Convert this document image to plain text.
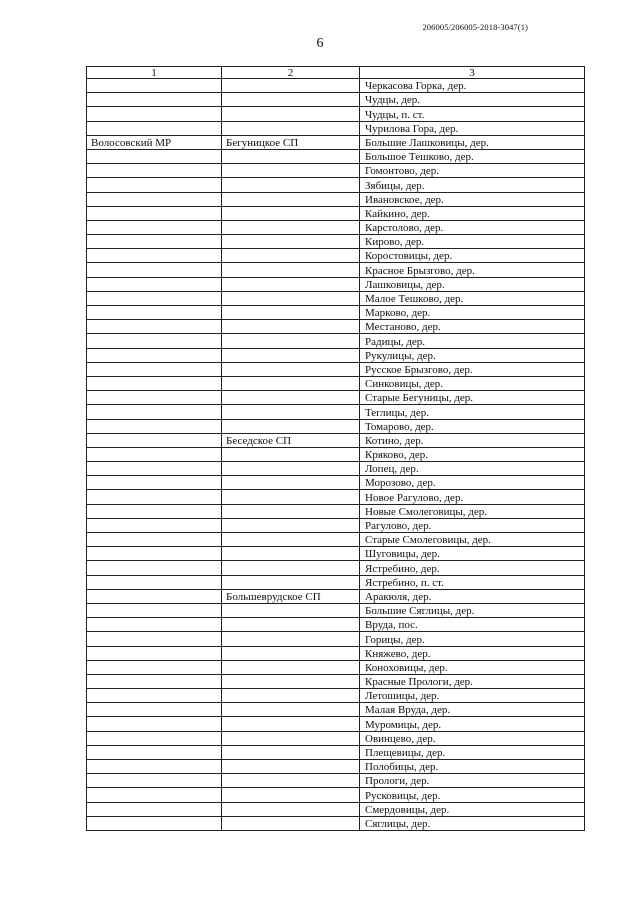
206005/206005-2018-3047(1)
6
1	2	3
		Черкасова Горка, дер.
		Чудцы, дер.
		Чудцы, п. ст.
		Чурилова Гора, дер.
Волосовский МР	Бегуницкое СП	Большие Лашковицы, дер.
		Большое Тешково, дер.
		Гомонтово, дер.
		Зябицы, дер.
		Ивановское, дер.
		Кайкино, дер.
		Карстолово, дер.
		Кирово, дер.
		Коростовицы, дер.
		Красное Брызгово, дер.
		Лашковицы, дер.
		Малое Тешково, дер.
		Марково, дер.
		Местаново, дер.
		Радицы, дер.
		Рукулицы, дер.
		Русское Брызгово, дер.
		Синковицы, дер.
		Старые Бегуницы, дер.
		Теглицы, дер.
		Томарово, дер.
	Беседское СП	Котино, дер.
		Кряково, дер.
		Лопец, дер.
		Морозово, дер.
		Новое Рагулово, дер.
		Новые Смолеговицы, дер.
		Рагулово, дер.
		Старые Смолеговицы, дер.
		Шуговицы, дер.
		Ястребино, дер.
		Ястребино, п. ст.
	Большеврудское СП	Аракюля, дер.
		Большие Сяглицы, дер.
		Вруда, пос.
		Горицы, дер.
		Княжево, дер.
		Коноховицы, дер.
		Красные Прологи, дер.
		Летошицы, дер.
		Малая Вруда, дер.
		Муромицы, дер.
		Овинцево, дер.
		Плещевицы, дер.
		Полобицы, дер.
		Прологи, дер.
		Русковицы, дер.
		Смердовицы, дер.
		Сяглицы, дер.
